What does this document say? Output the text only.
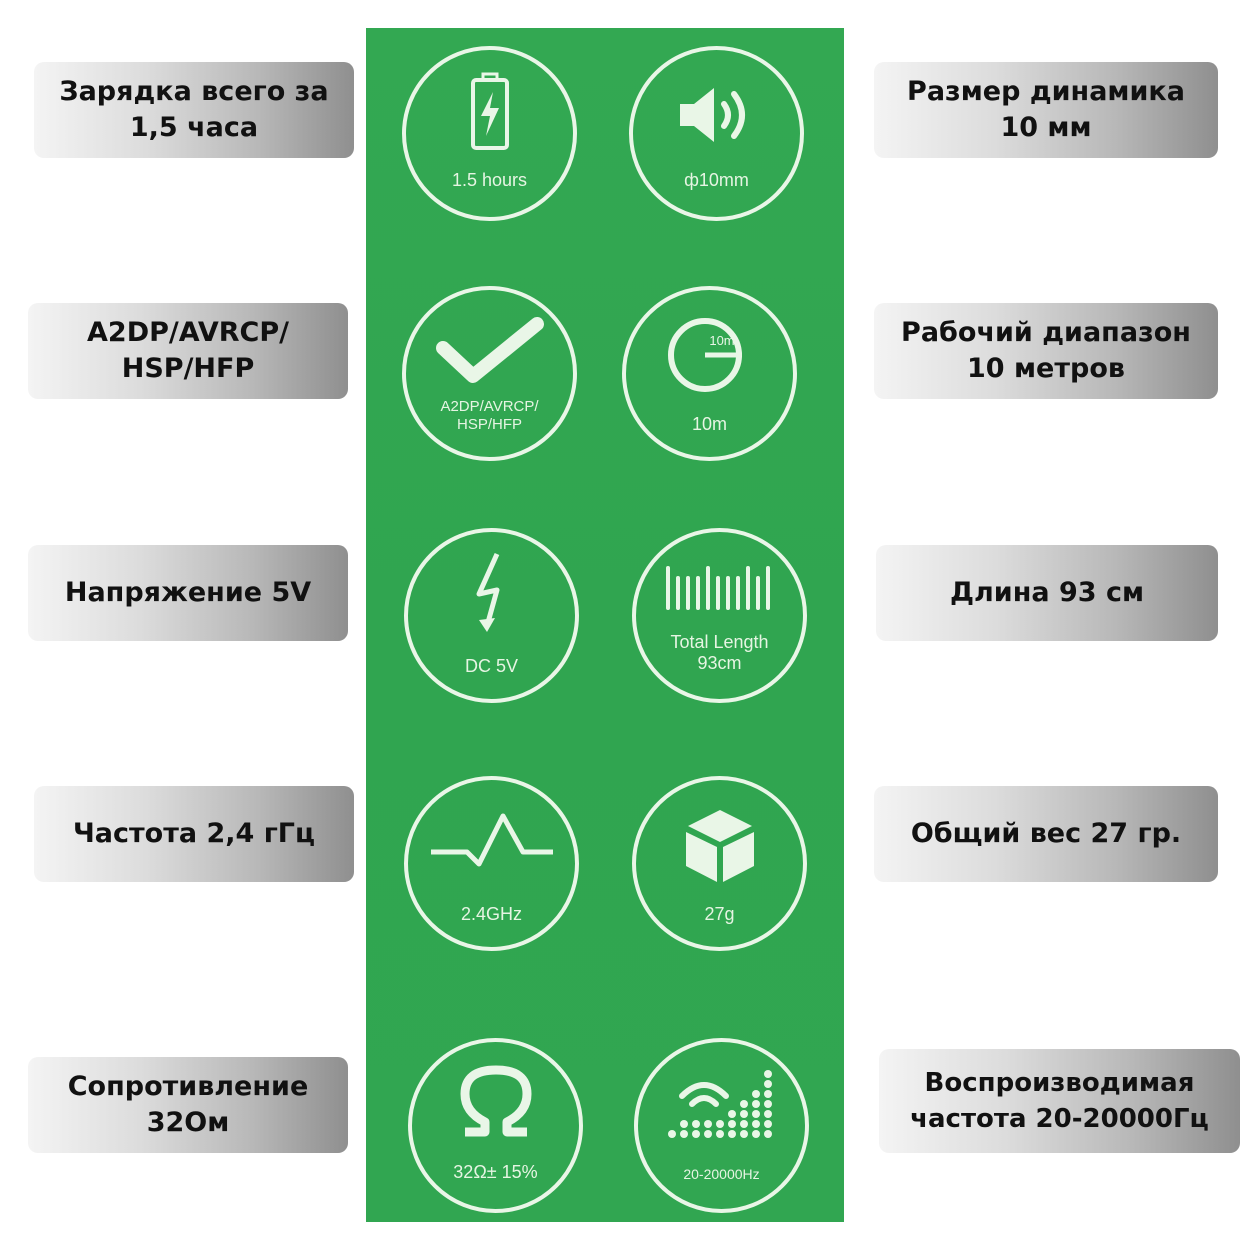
1.5 hours	ф10mm
A2DP/AVRCP/
HSP/HFP
10m
10m
DC 5V
Total Length
93cm
2.4GHz	27g
32Ω± 15%	20-20000Hz
Зарядка всего за
1,5 часа
A2DP/AVRCP/
HSP/HFP
Напряжение 5V
Частота 2,4 гГц
Сопротивление
32Ом
Размер динамика
10 мм
Рабочий диапазон
10 метров
Длина 93 см
Общий вес 27 гр.
Воспроизводимая
частота 20-20000Гц
